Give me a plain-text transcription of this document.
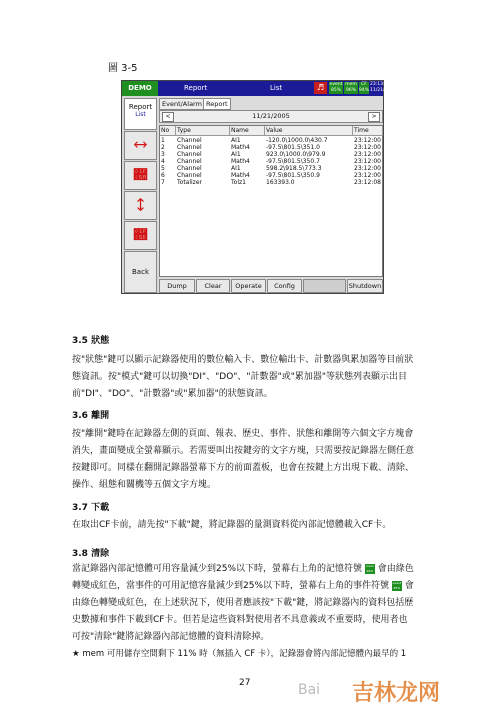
圖 3-5
DEMO	Report	List	♬	event
85%
mem
96%
CF
94%
23:13:45
11/21/05
Report
List
🡘
🡚
🡙
🡛
Back
Event/Alarm Report
<	11/21/2005	>
No	Type	Name	Value	Time
1 Channel	AI1	-120.0\1000.0\430.7	23:12:00
2 Channel	Math4	-97.5\801.5\351.0	23:12:00
3 Channel	AI1	923.0\1000.0\979.9	23:12:00
4 Channel	Math4	-97.5\801.5\350.7	23:12:00
5 Channel	AI1	598.2\918.5\773.3	23:12:00
6 Channel	Math4	-97.5\801.5\350.9	23:12:00
7 Totalizer	Tolz1	163393.0	23:12:08
Dump	Clear	Operate	Config	Shutdown
3.5 狀態
按"狀態"鍵可以顯示記錄器使用的數位輸入卡、數位輸出卡、計數器與累加器等目前狀
態資訊。按"模式"鍵可以切換"DI"、"DO"、"計數器"或"累加器"等狀態列表顯示出目
前"DI"、"DO"、"計數器"或"累加器"的狀態資訊。
3.6 離開
按"離開"鍵時在記錄器左側的頁面、報表、歷史、事件、狀態和離開等六個文字方塊會
消失，畫面變成全螢幕顯示。若需要叫出按鍵旁的文字方塊，只需要按記錄器左側任意
按鍵即可。同樣在翻開記錄器螢幕下方的前面蓋板，也會在按鍵上方出現下載、清除、
操作、組態和關機等五個文字方塊。
3.7 下載
在取出CF卡前，請先按"下載"鍵，將記錄器的量測資料從內部記憶體載入CF卡。
3.8 清除
當記錄器內部記憶體可用容量減少到25%以下時，螢幕右上角的記憶符號 mem
96% 會由綠色
轉變成紅色，當事件的可用記憶容量減少到25%以下時，螢幕右上角的事件符號 event
85% 會
由綠色轉變成紅色，在上述狀況下，使用者應該按"下載"鍵，將記錄器內的資料包括歷
史數據和事件下載到CF卡。但若是這些資料對使用者不具意義或不重要時，使用者也
可按"清除"鍵將記錄器內部記憶體的資料清除掉。
★ mem 可用儲存空間剩下 11% 時（無插入 CF 卡），記錄器會將內部記憶體內最早的 1
27	Bai 吉林龙网
